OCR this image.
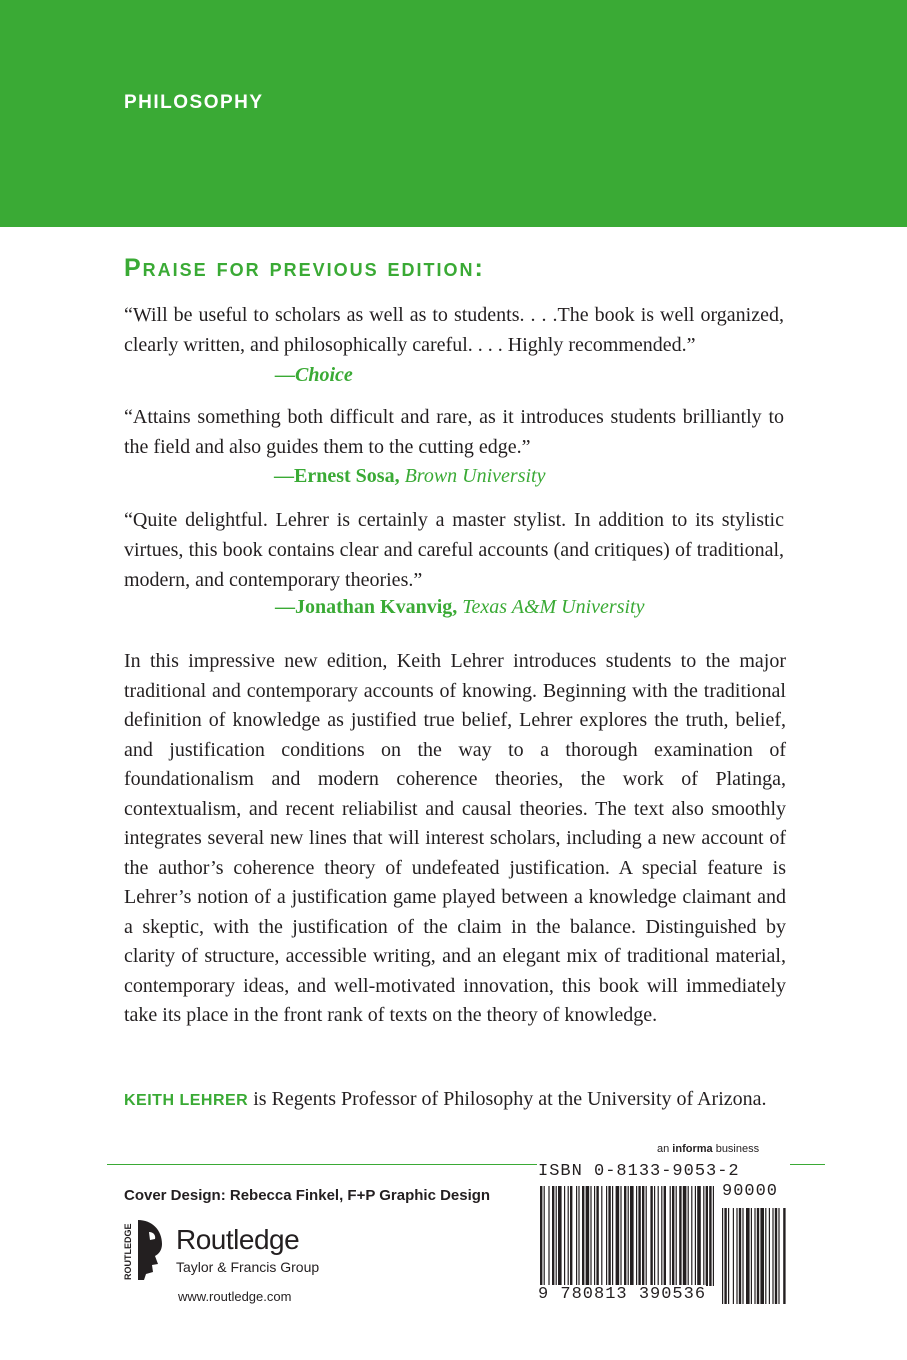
PHILOSOPHY
Praise for previous edition:
“Will be useful to scholars as well as to students. . . .The book is well organized, clearly written, and philosophically careful. . . . Highly recommended.”
—Choice
“Attains something both difficult and rare, as it introduces students brilliantly to the field and also guides them to the cutting edge.”
—Ernest Sosa, Brown University
“Quite delightful. Lehrer is certainly a master stylist. In addition to its stylistic virtues, this book contains clear and careful accounts (and critiques) of traditional, modern, and contemporary theories.”
—Jonathan Kvanvig, Texas A&M University
In this impressive new edition, Keith Lehrer introduces students to the major traditional and contemporary accounts of knowing. Beginning with the traditional definition of knowledge as justified true belief, Lehrer explores the truth, belief, and justification conditions on the way to a thorough examination of foundationalism and modern coherence theories, the work of Platinga, contextualism, and recent reliabilist and causal theories. The text also smoothly integrates several new lines that will interest scholars, including a new account of the author’s coherence theory of undefeated justification. A special feature is Lehrer’s notion of a justification game played between a knowledge claimant and a skeptic, with the justification of the claim in the balance. Distinguished by clarity of structure, accessible writing, and an elegant mix of traditional material, contemporary ideas, and well-motivated innovation, this book will immediately take its place in the front rank of texts on the theory of knowledge.
KEITH LEHRER is Regents Professor of Philosophy at the University of Arizona.
an informa business
Cover Design: Rebecca Finkel, F+P Graphic Design
ROUTLEDGE Routledge
Taylor & Francis Group
www.routledge.com
ISBN 0-8133-9053-2
90000
9 780813 390536
